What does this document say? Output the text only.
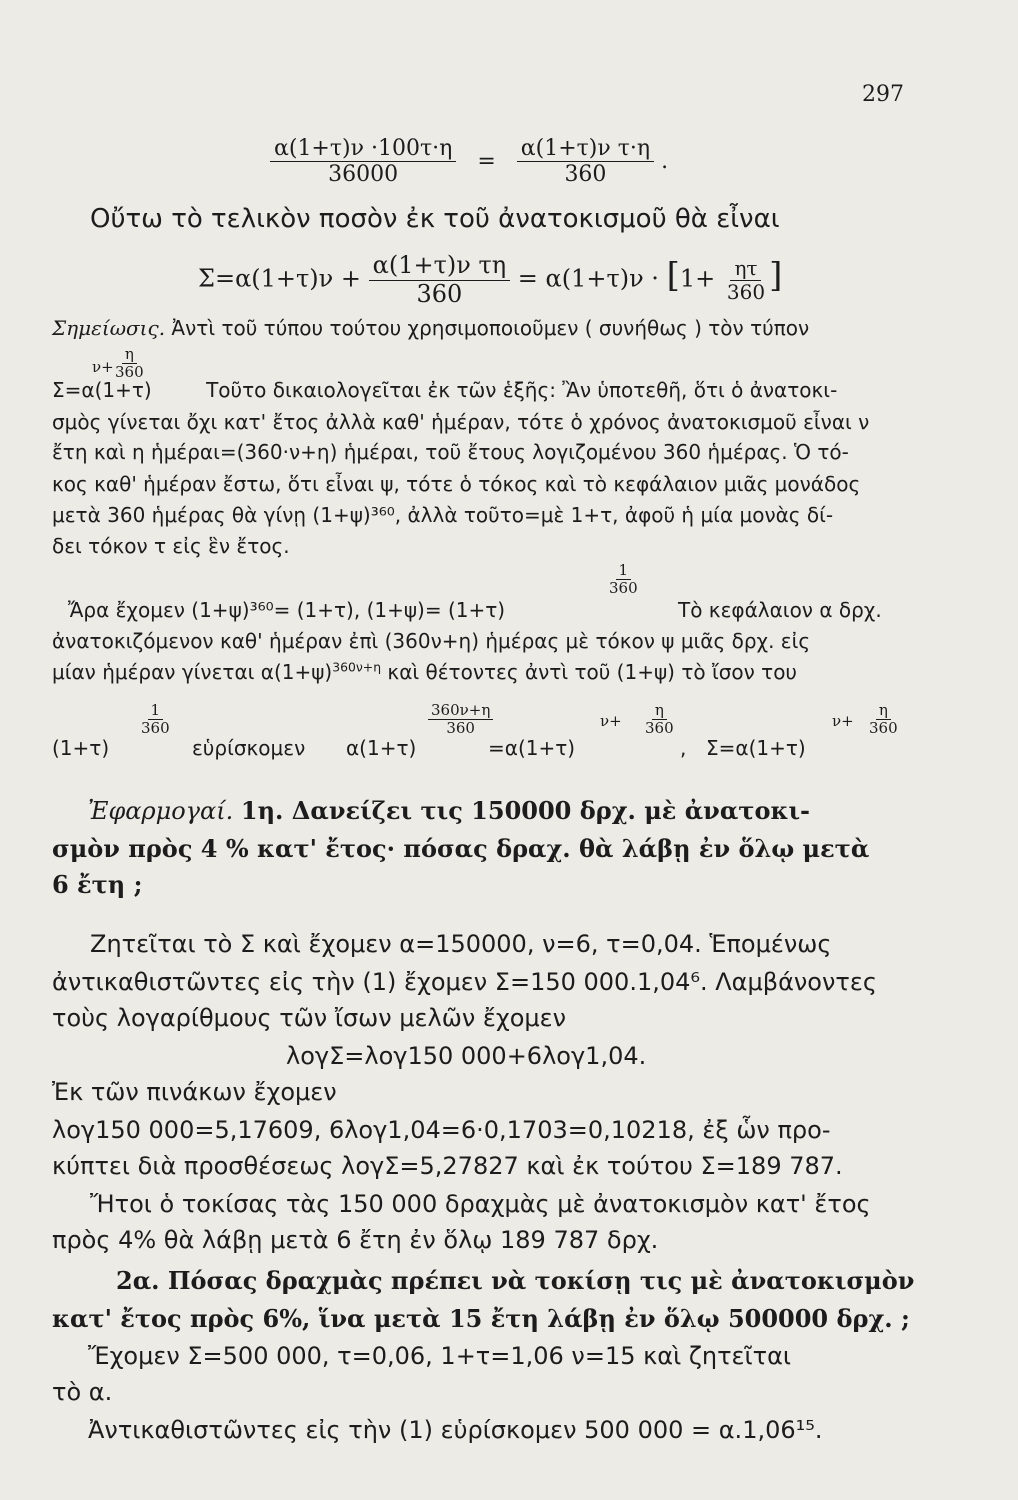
297
$\frac{\alpha(1+\tau)\nu \cdot 100\tau\cdot\eta}{36000} = \frac{\text{α(1+τ)ν τ·η}}{360}$ .
Οὔτω τὸ τελικὸν ποσὸν ἐκ τοῦ ἀνατοκισμοῦ θὰ εἶναι
$\Sigma=\alpha(1+\tau)\nu + \frac{\text{α(1+τ)ν τη}}{360} = \alpha(1+\tau)\nu \cdot [1+ \frac{\eta\tau}{360}$ ]
Σημείωσις. Ἀντὶ τοῦ τύπου τούτου χρησιμοποιοῦμεν ( συνήθως ) τὸν τύπον
ν+
$\frac{\eta}{360}$
Σ=α(1+τ)	Τοῦτο δικαιολογεῖται ἐκ τῶν ἑξῆς: Ἂν ὑποτεθῆ, ὅτι ὁ ἀνατοκι-
σμὸς γίνεται ὄχι κατ' ἔτος ἀλλὰ καθ' ἡμέραν, τότε ὁ χρόνος ἀνατοκισμοῦ εἶναι ν
ἔτη καὶ η ἡμέραι=(360·ν+η) ἡμέραι, τοῦ ἔτους λογιζομένου 360 ἡμέρας. Ὁ τό-
κος καθ' ἡμέραν ἔστω, ὅτι εἶναι ψ, τότε ὁ τόκος καὶ τὸ κεφάλαιον μιᾶς μονάδος
μετὰ 360 ἡμέρας θὰ γίνῃ (1+ψ)³⁶⁰, ἀλλὰ τοῦτο=μὲ 1+τ, ἀφοῦ ἡ μία μονὰς δί-
δει τόκον τ εἰς ἓν ἔτος.
$\frac{1}{360}$
Ἄρα ἔχομεν (1+ψ)³⁶⁰= (1+τ), (1+ψ)= (1+τ)	Τὸ κεφάλαιον α δρχ.
ἀνατοκιζόμενον καθ' ἡμέραν ἐπὶ (360ν+η) ἡμέρας μὲ τόκον ψ μιᾶς δρχ. εἰς
μίαν ἡμέραν γίνεται $\alpha(1+\psi)^{360\nu+\eta}$ καὶ θέτοντες ἀντὶ τοῦ (1+ψ) τὸ ἴσον του
$\frac{1}{360}$	$\frac{360\nu+\eta}{360}$	$\nu+ \frac{\eta}{360}$	$\nu+ \frac{\eta}{360}$
(1+τ)	εὑρίσκομεν α(1+τ)	=α(1+τ)	, Σ=α(1+τ)
Ἐφαρμογαί. 1η. Δανείζει τις 150000 δρχ. μὲ ἀνατοκι-
σμὸν πρὸς 4 % κατ' ἔτος· πόσας δραχ. θὰ λάβῃ ἐν ὅλῳ μετὰ
6 ἔτη ;
Ζητεῖται τὸ Σ καὶ ἔχομεν α=150000, ν=6, τ=0,04. Ἑπομένως
ἀντικαθιστῶντες εἰς τὴν (1) ἔχομεν Σ=150 000.1,04⁶. Λαμβάνοντες
τοὺς λογαρίθμους τῶν ἴσων μελῶν ἔχομεν
λογΣ=λογ150 000+6λογ1,04.
Ἐκ τῶν πινάκων ἔχομεν
λογ150 000=5,17609, 6λογ1,04=6·0,1703=0,10218, ἐξ ὧν προ-
κύπτει διὰ προσθέσεως λογΣ=5,27827 καὶ ἐκ τούτου Σ=189 787.
Ἤτοι ὁ τοκίσας τὰς 150 000 δραχμὰς μὲ ἀνατοκισμὸν κατ' ἔτος
πρὸς 4% θὰ λάβῃ μετὰ 6 ἔτη ἐν ὅλῳ 189 787 δρχ.
2α. Πόσας δραχμὰς πρέπει νὰ τοκίσῃ τις μὲ ἀνατοκισμὸν
κατ' ἔτος πρὸς 6%, ἵνα μετὰ 15 ἔτη λάβῃ ἐν ὅλῳ 500000 δρχ. ;
Ἔχομεν Σ=500 000, τ=0,06, 1+τ=1,06 ν=15 καὶ ζητεῖται
τὸ α.
Ἀντικαθιστῶντες εἰς τὴν (1) εὑρίσκομεν 500 000 = α.1,06¹⁵.
